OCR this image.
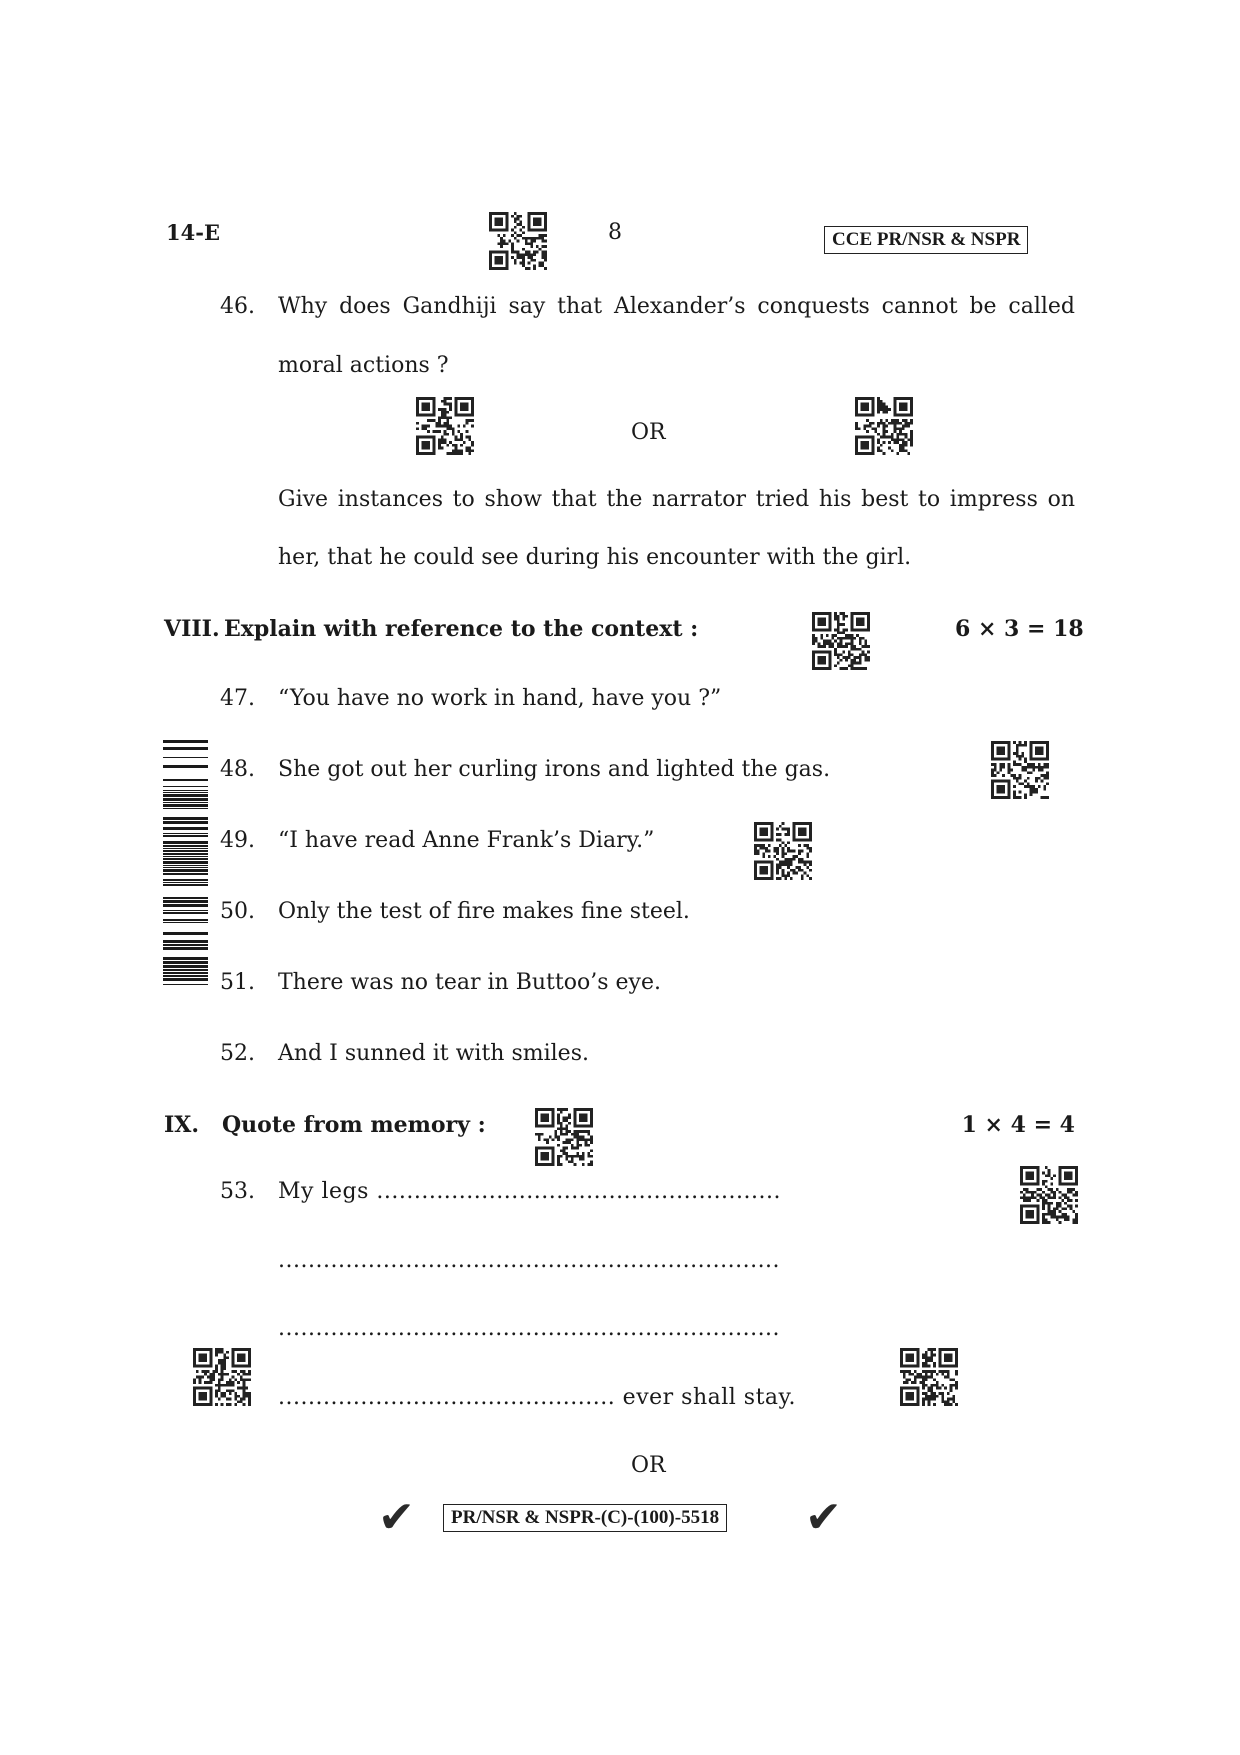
14-E	8	CCE PR/NSR & NSPR
46. Why does Gandhiji say that Alexander’s conquests cannot be called
moral actions ?
OR
Give instances to show that the narrator tried his best to impress on
her, that he could see during his encounter with the girl.
VIII. Explain with reference to the context :	6 × 3 = 18
47. “You have no work in hand, have you ?”
48. She got out her curling irons and lighted the gas.
49. “I have read Anne Frank’s Diary.”
50. Only the test of fire makes fine steel.
51. There was no tear in Buttoo’s eye.
52. And I sunned it with smiles.
IX. Quote from memory :	1 × 4 = 4
53. My legs ......................................................
...................................................................
...................................................................
............................................. ever shall stay.
OR
✔	PR/NSR & NSPR-(C)-(100)-5518 ✔
